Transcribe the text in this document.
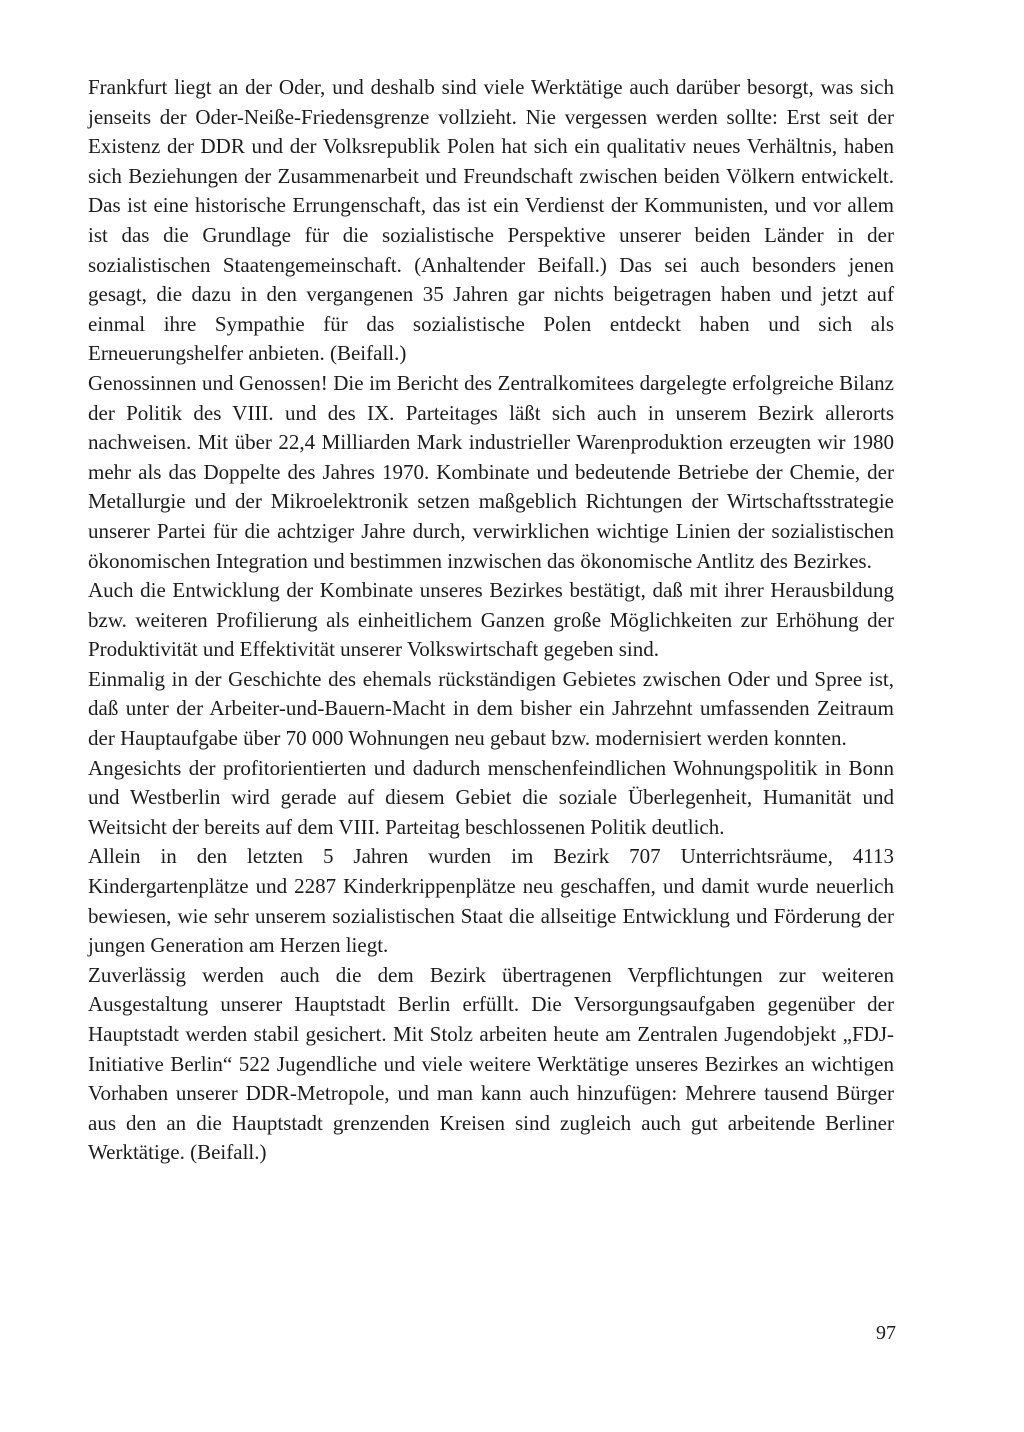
Frankfurt liegt an der Oder, und deshalb sind viele Werktätige auch darüber besorgt, was sich jenseits der Oder-Neiße-Friedensgrenze vollzieht. Nie vergessen werden sollte: Erst seit der Existenz der DDR und der Volksrepublik Polen hat sich ein qualitativ neues Verhältnis, haben sich Beziehungen der Zusammenarbeit und Freundschaft zwischen beiden Völkern entwickelt. Das ist eine historische Errungenschaft, das ist ein Verdienst der Kommunisten, und vor allem ist das die Grundlage für die sozialistische Perspektive unserer beiden Länder in der sozialistischen Staatengemeinschaft. (Anhaltender Beifall.) Das sei auch besonders jenen gesagt, die dazu in den vergangenen 35 Jahren gar nichts beigetragen haben und jetzt auf einmal ihre Sympathie für das sozialistische Polen entdeckt haben und sich als Erneuerungshelfer anbieten. (Beifall.)

Genossinnen und Genossen! Die im Bericht des Zentralkomitees dargelegte erfolgreiche Bilanz der Politik des VIII. und des IX. Parteitages läßt sich auch in unserem Bezirk allerorts nachweisen. Mit über 22,4 Milliarden Mark industrieller Warenproduktion erzeugten wir 1980 mehr als das Doppelte des Jahres 1970. Kombinate und bedeutende Betriebe der Chemie, der Metallurgie und der Mikroelektronik setzen maßgeblich Richtungen der Wirtschaftsstrategie unserer Partei für die achtziger Jahre durch, verwirklichen wichtige Linien der sozialistischen ökonomischen Integration und bestimmen inzwischen das ökonomische Antlitz des Bezirkes.

Auch die Entwicklung der Kombinate unseres Bezirkes bestätigt, daß mit ihrer Herausbildung bzw. weiteren Profilierung als einheitlichem Ganzen große Möglichkeiten zur Erhöhung der Produktivität und Effektivität unserer Volkswirtschaft gegeben sind.

Einmalig in der Geschichte des ehemals rückständigen Gebietes zwischen Oder und Spree ist, daß unter der Arbeiter-und-Bauern-Macht in dem bisher ein Jahrzehnt umfassenden Zeitraum der Hauptaufgabe über 70 000 Wohnungen neu gebaut bzw. modernisiert werden konnten.

Angesichts der profitorientierten und dadurch menschenfeindlichen Wohnungspolitik in Bonn und Westberlin wird gerade auf diesem Gebiet die soziale Überlegenheit, Humanität und Weitsicht der bereits auf dem VIII. Parteitag beschlossenen Politik deutlich.

Allein in den letzten 5 Jahren wurden im Bezirk 707 Unterrichtsräume, 4113 Kindergartenplätze und 2287 Kinderkrippenplätze neu geschaffen, und damit wurde neuerlich bewiesen, wie sehr unserem sozialistischen Staat die allseitige Entwicklung und Förderung der jungen Generation am Herzen liegt.

Zuverlässig werden auch die dem Bezirk übertragenen Verpflichtungen zur weiteren Ausgestaltung unserer Hauptstadt Berlin erfüllt. Die Versorgungsaufgaben gegenüber der Hauptstadt werden stabil gesichert. Mit Stolz arbeiten heute am Zentralen Jugendobjekt „FDJ-Initiative Berlin“ 522 Jugendliche und viele weitere Werktätige unseres Bezirkes an wichtigen Vorhaben unserer DDR-Metropole, und man kann auch hinzufügen: Mehrere tausend Bürger aus den an die Hauptstadt grenzenden Kreisen sind zugleich auch gut arbeitende Berliner Werktätige. (Beifall.)

97
